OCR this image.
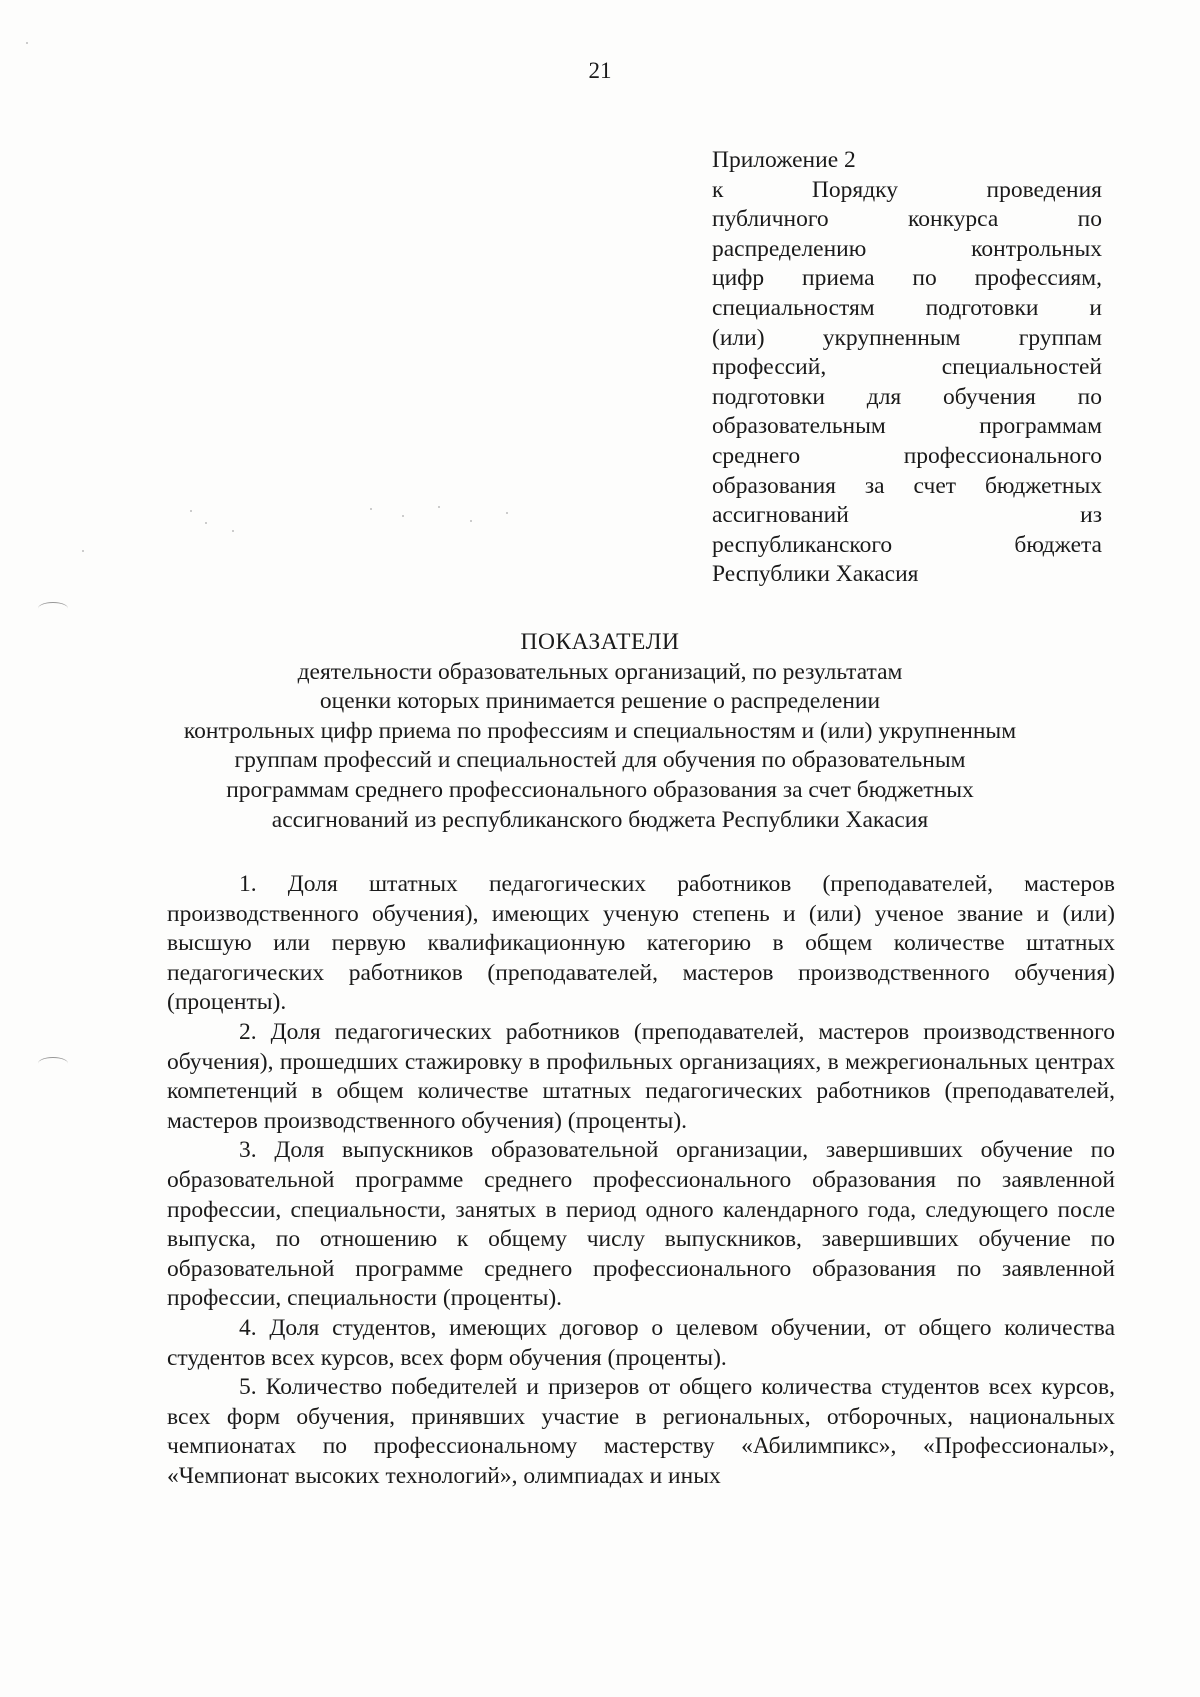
21
Приложение 2
к Порядку проведения
публичного конкурса по
распределению контрольных
цифр приема по профессиям,
специальностям подготовки и
(или) укрупненным группам
профессий, специальностей
подготовки для обучения по
образовательным программам
среднего профессионального
образования за счет бюджетных
ассигнований из
республиканского бюджета
Республики Хакасия
ПОКАЗАТЕЛИ
деятельности образовательных организаций, по результатам
оценки которых принимается решение о распределении
контрольных цифр приема по профессиям и специальностям и (или) укрупненным
группам профессий и специальностей для обучения по образовательным
программам среднего профессионального образования за счет бюджетных
ассигнований из республиканского бюджета Республики Хакасия

1. Доля штатных педагогических работников (преподавателей, мастеров производственного обучения), имеющих ученую степень и (или) ученое звание и (или) высшую или первую квалификационную категорию в общем количестве штатных педагогических работников (преподавателей, мастеров производственного обучения) (проценты).

2. Доля педагогических работников (преподавателей, мастеров производственного обучения), прошедших стажировку в профильных организациях, в межрегиональных центрах компетенций в общем количестве штатных педагогических работников (преподавателей, мастеров производственного обучения) (проценты).

3. Доля выпускников образовательной организации, завершивших обучение по образовательной программе среднего профессионального образования по заявленной профессии, специальности, занятых в период одного календарного года, следующего после выпуска, по отношению к общему числу выпускников, завершивших обучение по образовательной программе среднего профессионального образования по заявленной профессии, специальности (проценты).

4. Доля студентов, имеющих договор о целевом обучении, от общего количества студентов всех курсов, всех форм обучения (проценты).

5. Количество победителей и призеров от общего количества студентов всех курсов, всех форм обучения, принявших участие в региональных, отборочных, национальных чемпионатах по профессиональному мастерству «Абилимпикс», «Профессионалы», «Чемпионат высоких технологий», олимпиадах и иных
